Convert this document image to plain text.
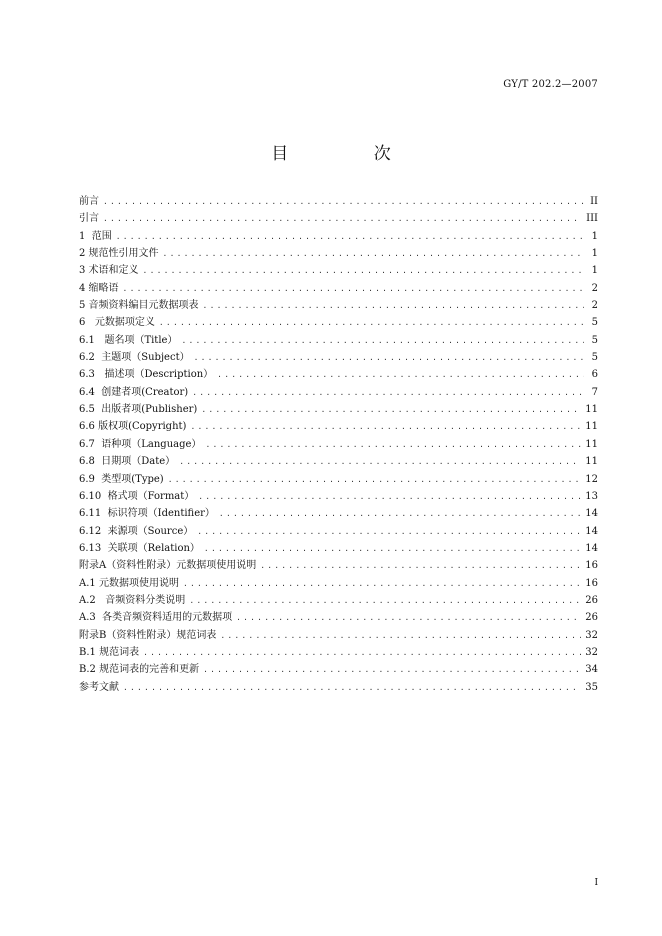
GY/T 202.2—2007
目 次
前言 .....	II
引言 .....	III
1  范围 .....	1
2 规范性引用文件 .....	1
3 术语和定义 .....	1
4 缩略语 .....	2
5 音频资料编目元数据项表 .....	2
6   元数据项定义 .....	5
6.1   题名项（Title） .....	5
6.2  主题项（Subject） .....	5
6.3   描述项（Description） .....	6
6.4  创建者项(Creator) .....	7
6.5  出版者项(Publisher) .....	11
6.6 版权项(Copyright) .....	11
6.7  语种项（Language） .....	11
6.8  日期项（Date） .....	11
6.9  类型项(Type) .....	12
6.10  格式项（Format） .....	13
6.11  标识符项（Identifier） .....	14
6.12  来源项（Source） .....	14
6.13  关联项（Relation） .....	14
附录A（资料性附录）元数据项使用说明 .....	16
A.1 元数据项使用说明 .....	16
A.2   音频资料分类说明 .....	26
A.3  各类音频资料适用的元数据项 .....	26
附录B（资料性附录）规范词表 .....	32
B.1 规范词表 .....	32
B.2 规范词表的完善和更新 .....	34
参考文献 .....	35
I
